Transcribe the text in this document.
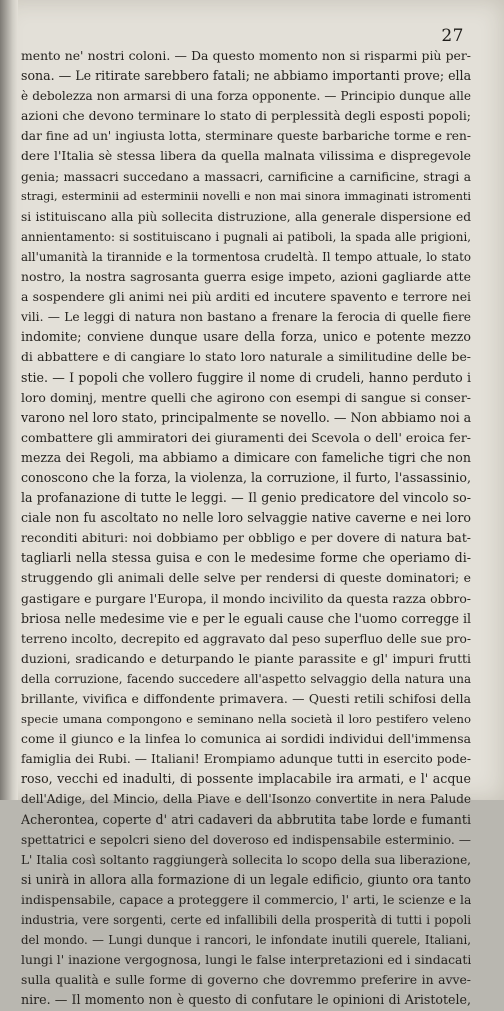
27
mento ne' nostri coloni. — Da questo momento non si risparmi più per-
sona. — Le ritirate sarebbero fatali; ne abbiamo importanti prove; ella
è debolezza non armarsi di una forza opponente. — Principio dunque alle
azioni che devono terminare lo stato di perplessità degli esposti popoli;
dar fine ad un' ingiusta lotta, sterminare queste barbariche torme e ren-
dere l'Italia sè stessa libera da quella malnata vilissima e dispregevole
genia; massacri succedano a massacri, carnificine a carnificine, stragi a
stragi, esterminii ad esterminii novelli e non mai sinora immaginati istromenti
si istituiscano alla più sollecita distruzione, alla generale dispersione ed
annientamento: si sostituiscano i pugnali ai patiboli, la spada alle prigioni,
all'umanità la tirannide e la tormentosa crudeltà. Il tempo attuale, lo stato
nostro, la nostra sagrosanta guerra esige impeto, azioni gagliarde atte
a sospendere gli animi nei più arditi ed incutere spavento e terrore nei
vili. — Le leggi di natura non bastano a frenare la ferocia di quelle fiere
indomite; conviene dunque usare della forza, unico e potente mezzo
di abbattere e di cangiare lo stato loro naturale a similitudine delle be-
stie. — I popoli che vollero fuggire il nome di crudeli, hanno perduto i
loro dominj, mentre quelli che agirono con esempi di sangue si conser-
varono nel loro stato, principalmente se novello. — Non abbiamo noi a
combattere gli ammiratori dei giuramenti dei Scevola o dell' eroica fer-
mezza dei Regoli, ma abbiamo a dimicare con fameliche tigri che non
conoscono che la forza, la violenza, la corruzione, il furto, l'assassinio,
la profanazione di tutte le leggi. — Il genio predicatore del vincolo so-
ciale non fu ascoltato no nelle loro selvaggie native caverne e nei loro
reconditi abituri: noi dobbiamo per obbligo e per dovere di natura bat-
tagliarli nella stessa guisa e con le medesime forme che operiamo di-
struggendo gli animali delle selve per rendersi di queste dominatori; e
gastigare e purgare l'Europa, il mondo incivilito da questa razza obbro-
briosa nelle medesime vie e per le eguali cause che l'uomo corregge il
terreno incolto, decrepito ed aggravato dal peso superfluo delle sue pro-
duzioni, sradicando e deturpando le piante parassite e gl' impuri frutti
della corruzione, facendo succedere all'aspetto selvaggio della natura una
brillante, vivifica e diffondente primavera. — Questi retili schifosi della
specie umana compongono e seminano nella società il loro pestifero veleno
come il giunco e la linfea lo comunica ai sordidi individui dell'immensa
famiglia dei Rubi. — Italiani! Erompiamo adunque tutti in esercito pode-
roso, vecchi ed inadulti, di possente implacabile ira armati, e l' acque
dell'Adige, del Mincio, della Piave e dell'Isonzo convertite in nera Palude
Acherontea, coperte d' atri cadaveri da abbrutita tabe lorde e fumanti
spettatrici e sepolcri sieno del doveroso ed indispensabile esterminio. —
L' Italia così soltanto raggiungerà sollecita lo scopo della sua liberazione,
si unirà in allora alla formazione di un legale edificio, giunto ora tanto
indispensabile, capace a proteggere il commercio, l' arti, le scienze e la
industria, vere sorgenti, certe ed infallibili della prosperità di tutti i popoli
del mondo. — Lungi dunque i rancori, le infondate inutili querele, Italiani,
lungi l' inazione vergognosa, lungi le false interpretazioni ed i sindacati
sulla qualità e sulle forme di governo che dovremmo preferire in avve-
nire. — Il momento non è questo di confutare le opinioni di Aristotele,
